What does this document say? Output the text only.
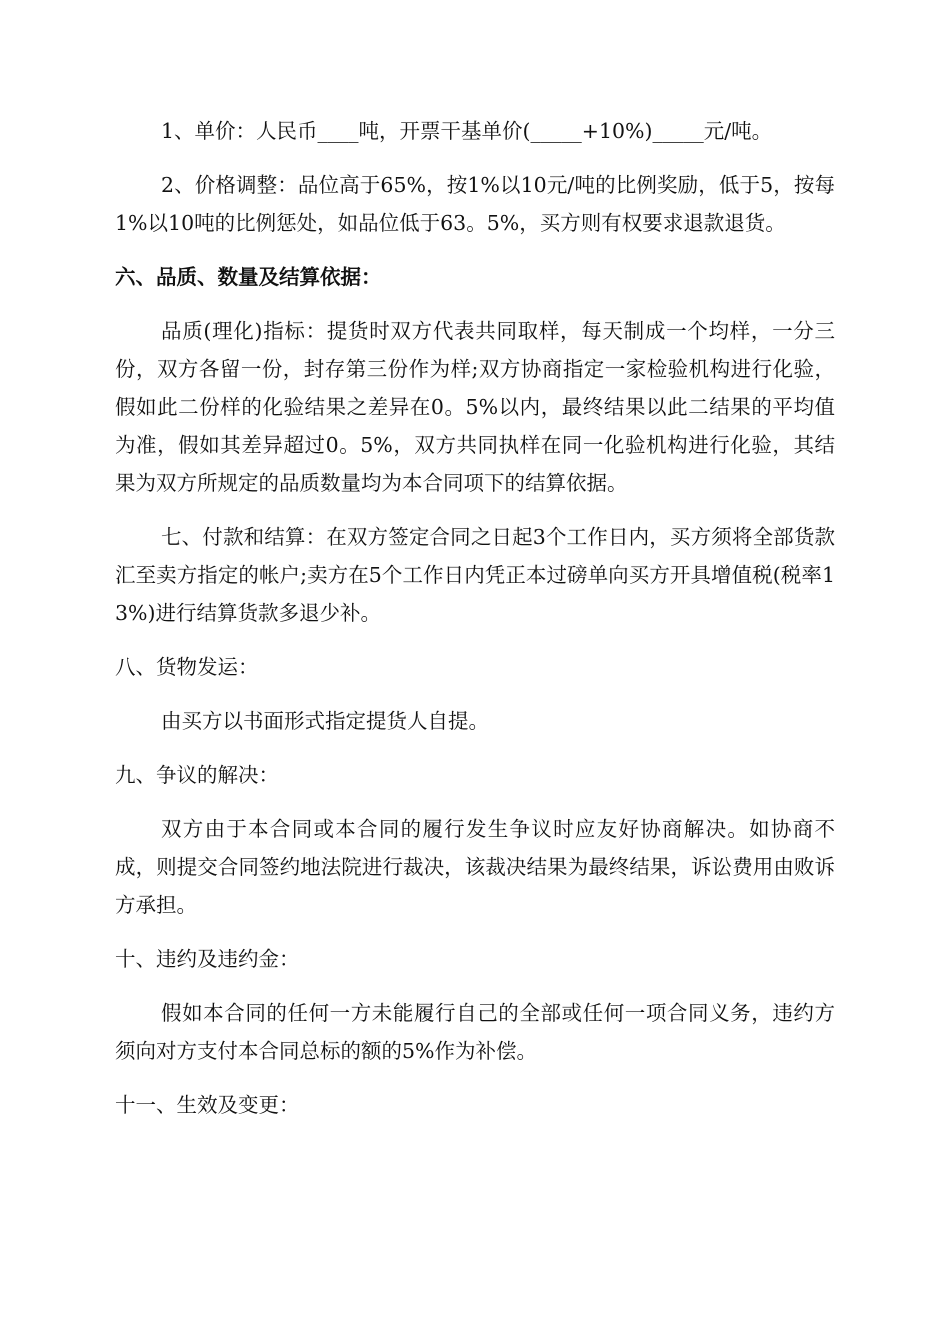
1、单价：人民币____吨，开票干基单价(_____+10%)_____元/吨。

2、价格调整：品位高于65%，按1%以10元/吨的比例奖励，低于5，按每1%以10吨的比例惩处，如品位低于63。5%，买方则有权要求退款退货。

六、品质、数量及结算依据：

品质(理化)指标：提货时双方代表共同取样，每天制成一个均样，一分三份，双方各留一份，封存第三份作为样;双方协商指定一家检验机构进行化验，假如此二份样的化验结果之差异在0。5%以内，最终结果以此二结果的平均值为准，假如其差异超过0。5%，双方共同执样在同一化验机构进行化验，其结果为双方所规定的品质数量均为本合同项下的结算依据。

七、付款和结算：在双方签定合同之日起3个工作日内，买方须将全部货款汇至卖方指定的帐户;卖方在5个工作日内凭正本过磅单向买方开具增值税(税率13%)进行结算货款多退少补。

八、货物发运：

由买方以书面形式指定提货人自提。

九、争议的解决：

双方由于本合同或本合同的履行发生争议时应友好协商解决。如协商不成，则提交合同签约地法院进行裁决，该裁决结果为最终结果，诉讼费用由败诉方承担。

十、违约及违约金：

假如本合同的任何一方未能履行自己的全部或任何一项合同义务，违约方须向对方支付本合同总标的额的5%作为补偿。

十一、生效及变更：
